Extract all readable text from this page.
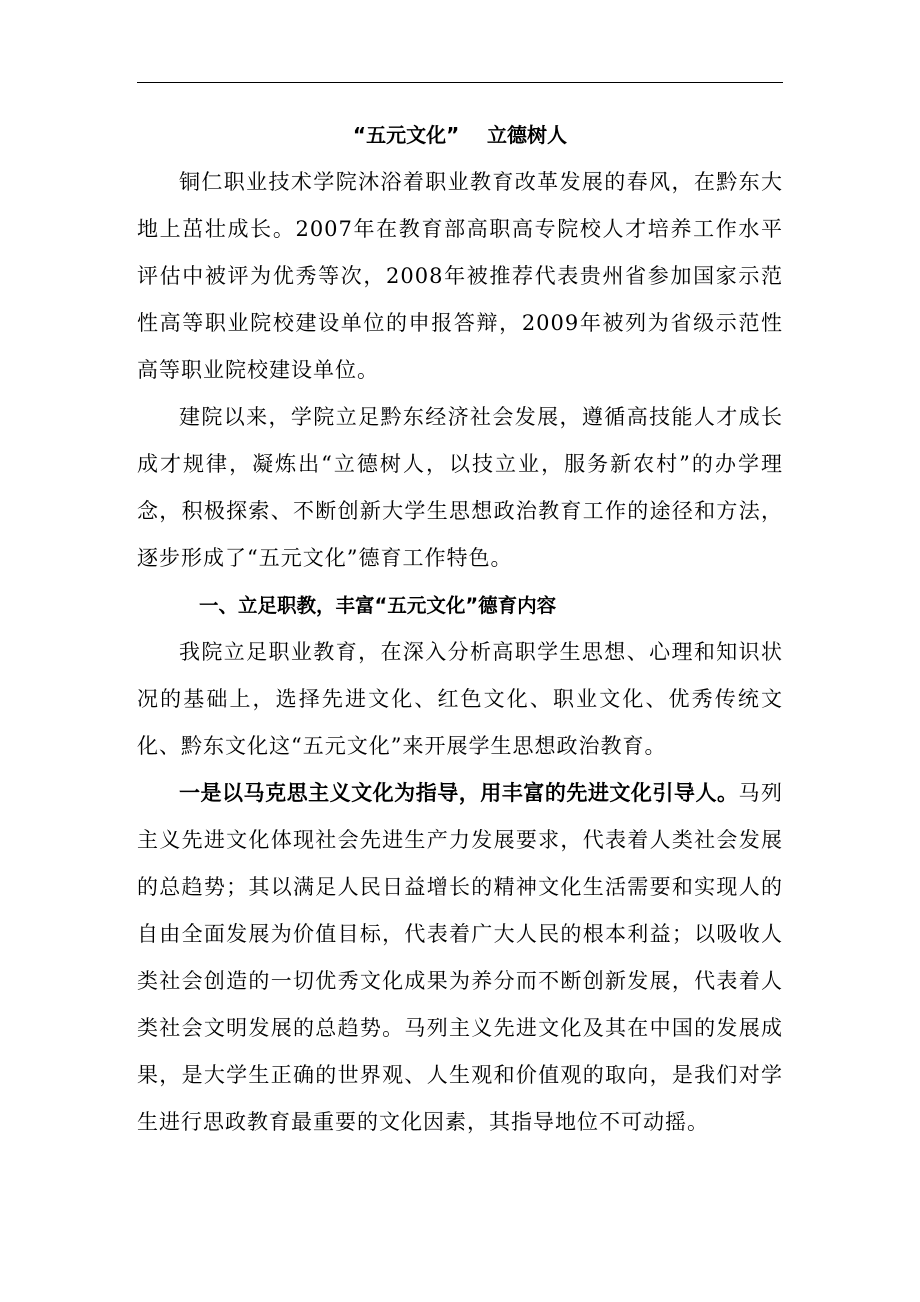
“五元文化”    立德树人

铜仁职业技术学院沐浴着职业教育改革发展的春风，在黔东大地上茁壮成长。2007年在教育部高职高专院校人才培养工作水平评估中被评为优秀等次，2008年被推荐代表贵州省参加国家示范性高等职业院校建设单位的申报答辩，2009年被列为省级示范性高等职业院校建设单位。

建院以来，学院立足黔东经济社会发展，遵循高技能人才成长成才规律，凝炼出“立德树人，以技立业，服务新农村”的办学理念，积极探索、不断创新大学生思想政治教育工作的途径和方法，逐步形成了“五元文化”德育工作特色。

一、立足职教，丰富“五元文化”德育内容

我院立足职业教育，在深入分析高职学生思想、心理和知识状况的基础上，选择先进文化、红色文化、职业文化、优秀传统文化、黔东文化这“五元文化”来开展学生思想政治教育。

一是以马克思主义文化为指导，用丰富的先进文化引导人。马列主义先进文化体现社会先进生产力发展要求，代表着人类社会发展的总趋势；其以满足人民日益增长的精神文化生活需要和实现人的自由全面发展为价值目标，代表着广大人民的根本利益；以吸收人类社会创造的一切优秀文化成果为养分而不断创新发展，代表着人类社会文明发展的总趋势。马列主义先进文化及其在中国的发展成果，是大学生正确的世界观、人生观和价值观的取向，是我们对学生进行思政教育最重要的文化因素，其指导地位不可动摇。
